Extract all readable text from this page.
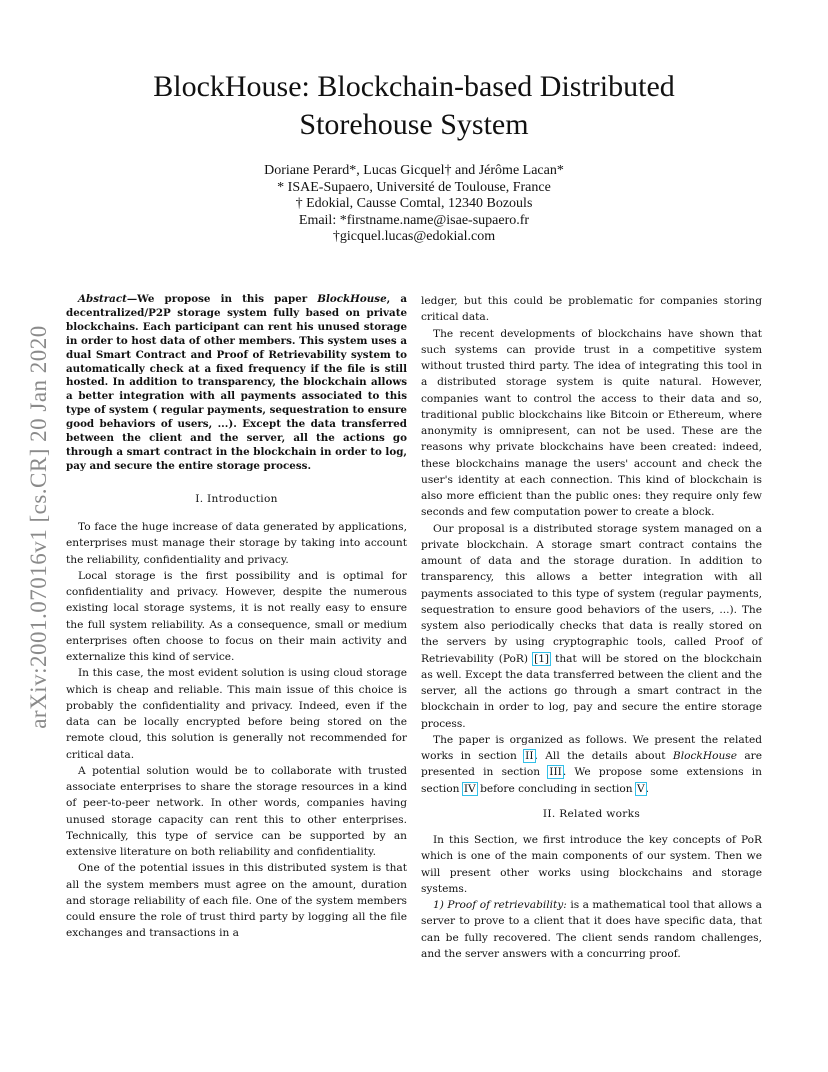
arXiv:2001.07016v1 [cs.CR] 20 Jan 2020
BlockHouse: Blockchain-based Distributed
Storehouse System
Doriane Perard*, Lucas Gicquel† and Jérôme Lacan*
* ISAE-Supaero, Université de Toulouse, France
† Edokial, Causse Comtal, 12340 Bozouls
Email: *firstname.name@isae-supaero.fr
†gicquel.lucas@edokial.com

Abstract—We propose in this paper BlockHouse, a decentralized/P2P storage system fully based on private blockchains. Each participant can rent his unused storage in order to host data of other members. This system uses a dual Smart Contract and Proof of Retrievability system to automatically check at a fixed frequency if the file is still hosted. In addition to transparency, the blockchain allows a better integration with all payments associated to this type of system ( regular payments, sequestration to ensure good behaviors of users, ...). Except the data transferred between the client and the server, all the actions go through a smart contract in the blockchain in order to log, pay and secure the entire storage process.

I. Introduction

To face the huge increase of data generated by applications, enterprises must manage their storage by taking into account the reliability, confidentiality and privacy.

Local storage is the first possibility and is optimal for confidentiality and privacy. However, despite the numerous existing local storage systems, it is not really easy to ensure the full system reliability. As a consequence, small or medium enterprises often choose to focus on their main activity and externalize this kind of service.

In this case, the most evident solution is using cloud storage which is cheap and reliable. This main issue of this choice is probably the confidentiality and privacy. Indeed, even if the data can be locally encrypted before being stored on the remote cloud, this solution is generally not recommended for critical data.

A potential solution would be to collaborate with trusted associate enterprises to share the storage resources in a kind of peer-to-peer network. In other words, companies having unused storage capacity can rent this to other enterprises. Technically, this type of service can be supported by an extensive literature on both reliability and confidentiality.

One of the potential issues in this distributed system is that all the system members must agree on the amount, duration and storage reliability of each file. One of the system members could ensure the role of trust third party by logging all the file exchanges and transactions in a

ledger, but this could be problematic for companies storing critical data.

The recent developments of blockchains have shown that such systems can provide trust in a competitive system without trusted third party. The idea of integrating this tool in a distributed storage system is quite natural. However, companies want to control the access to their data and so, traditional public blockchains like Bitcoin or Ethereum, where anonymity is omnipresent, can not be used. These are the reasons why private blockchains have been created: indeed, these blockchains manage the users' account and check the user's identity at each connection. This kind of blockchain is also more efficient than the public ones: they require only few seconds and few computation power to create a block.

Our proposal is a distributed storage system managed on a private blockchain. A storage smart contract contains the amount of data and the storage duration. In addition to transparency, this allows a better integration with all payments associated to this type of system (regular payments, sequestration to ensure good behaviors of the users, ...). The system also periodically checks that data is really stored on the servers by using cryptographic tools, called Proof of Retrievability (PoR) [1] that will be stored on the blockchain as well. Except the data transferred between the client and the server, all the actions go through a smart contract in the blockchain in order to log, pay and secure the entire storage process.

The paper is organized as follows. We present the related works in section II. All the details about BlockHouse are presented in section III. We propose some extensions in section IV before concluding in section V.

II. Related works

In this Section, we first introduce the key concepts of PoR which is one of the main components of our system. Then we will present other works using blockchains and storage systems.

1) Proof of retrievability: is a mathematical tool that allows a server to prove to a client that it does have specific data, that can be fully recovered. The client sends random challenges, and the server answers with a concurring proof.
